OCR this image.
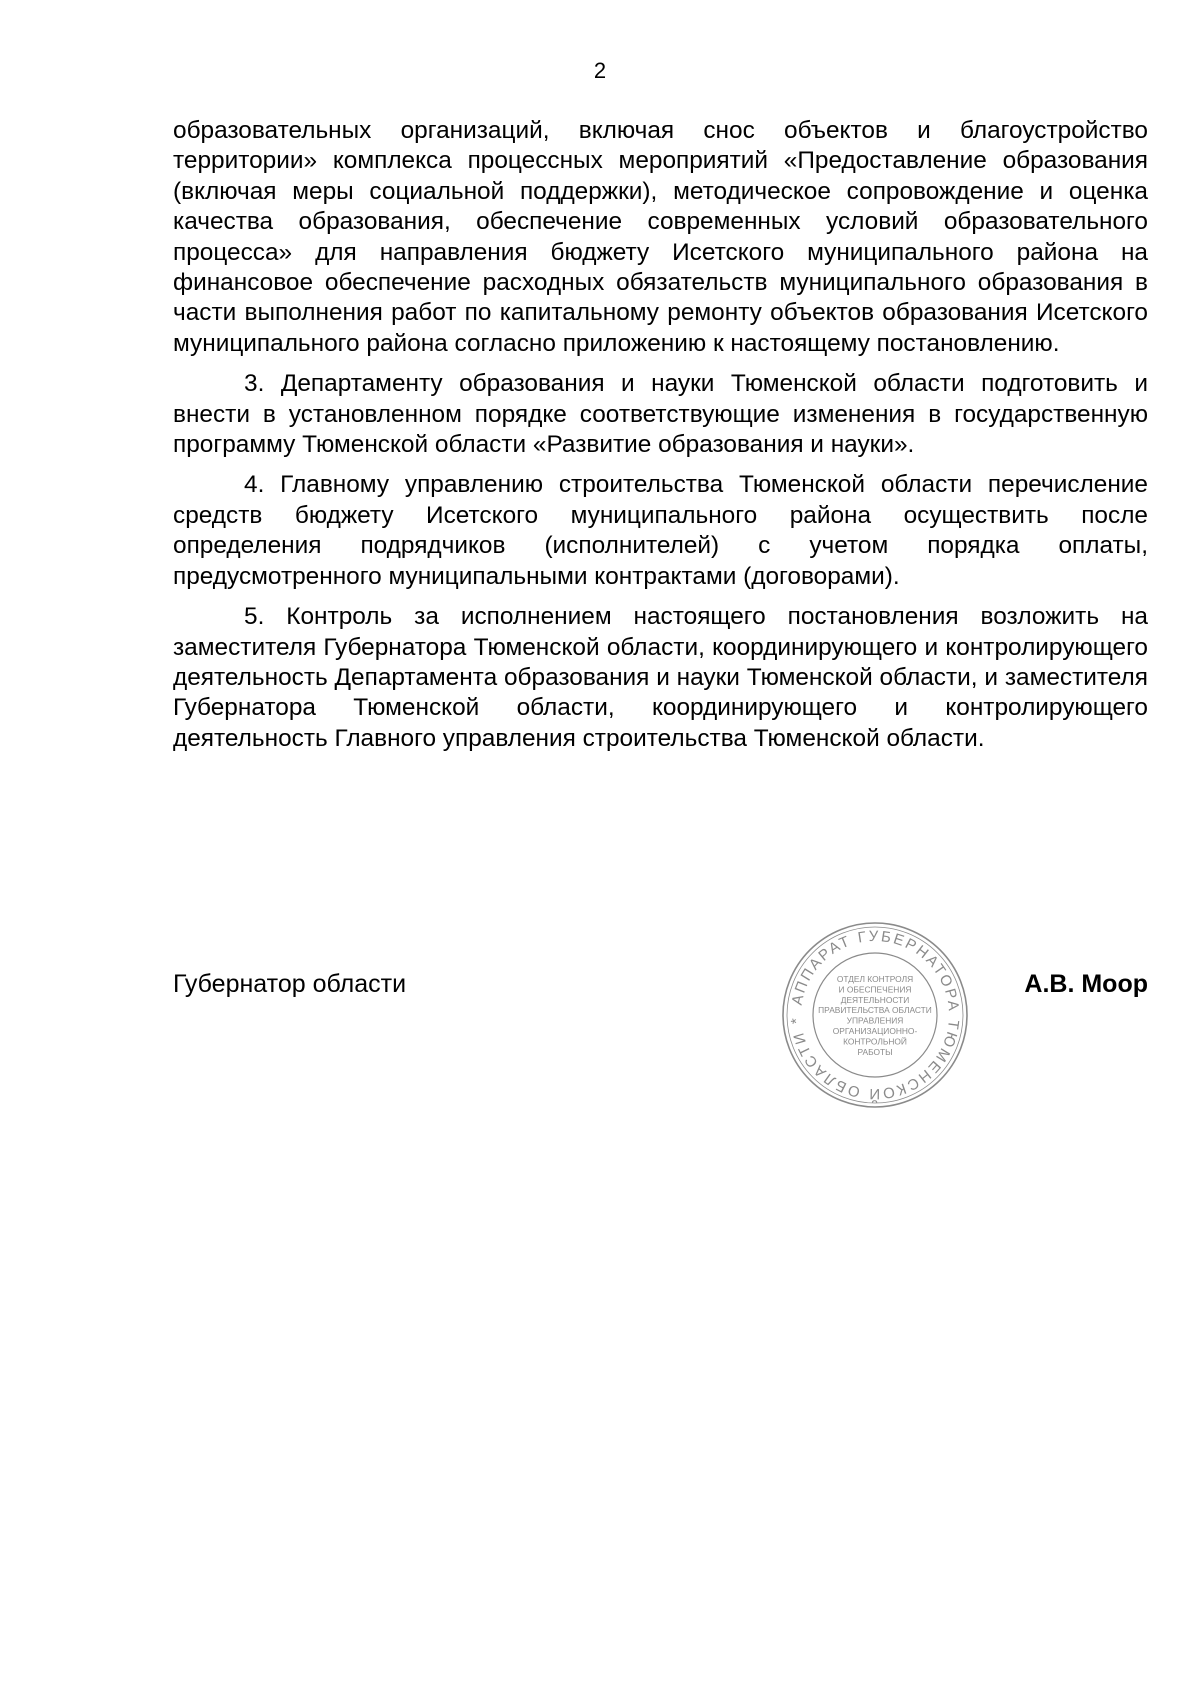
2

образовательных организаций, включая снос объектов и благоустройство территории» комплекса процессных мероприятий «Предоставление образования (включая меры социальной поддержки), методическое сопровождение и оценка качества образования, обеспечение современных условий образовательного процесса» для направления бюджету Исетского муниципального района на финансовое обеспечение расходных обязательств муниципального образования в части выполнения работ по капитальному ремонту объектов образования Исетского муниципального района согласно приложению к настоящему постановлению.

3. Департаменту образования и науки Тюменской области подготовить и внести в установленном порядке соответствующие изменения в государственную программу Тюменской области «Развитие образования и науки».

4. Главному управлению строительства Тюменской области перечисление средств бюджету Исетского муниципального района осуществить после определения подрядчиков (исполнителей) с учетом порядка оплаты, предусмотренного муниципальными контрактами (договорами).

5. Контроль за исполнением настоящего постановления возложить на заместителя Губернатора Тюменской области, координирующего и контролирующего деятельность Департамента образования и науки Тюменской области, и заместителя Губернатора Тюменской области, координирующего и контролирующего деятельность Главного управления строительства Тюменской области.

Губернатор области	А.В. Моор
АППАРАТ ГУБЕРНАТОРА ТЮМЕНСКОЙ ОБЛАСТИ *
ОТДЕЛ КОНТРОЛЯ
И ОБЕСПЕЧЕНИЯ
ДЕЯТЕЛЬНОСТИ
ПРАВИТЕЛЬСТВА ОБЛАСТИ
УПРАВЛЕНИЯ
ОРГАНИЗАЦИОННО-
КОНТРОЛЬНОЙ
РАБОТЫ
